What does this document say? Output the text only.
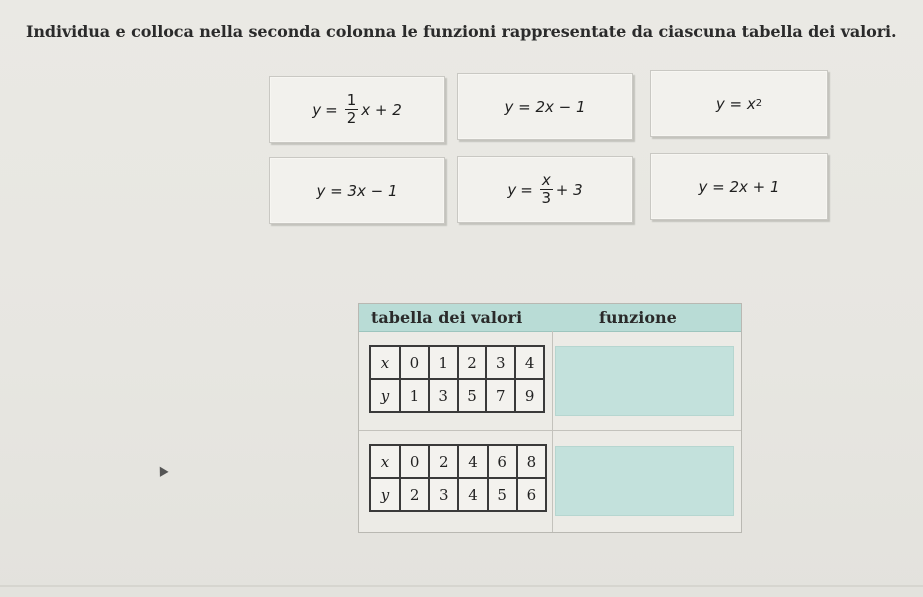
Individua e colloca nella seconda colonna le funzioni rappresentate da ciascuna tabella dei valori.
$y = \frac{1}{2}$ x + 2	y = 2x − 1	y = x 2
y = 3x − 1	$y = \frac{x}{3} + 3$	y = 2x + 1
tabella dei valori	funzione
x	0	1	2	3	4
y	1	3	5	7	9
x	0	2	4	6	8
y	2	3	4	5	6
